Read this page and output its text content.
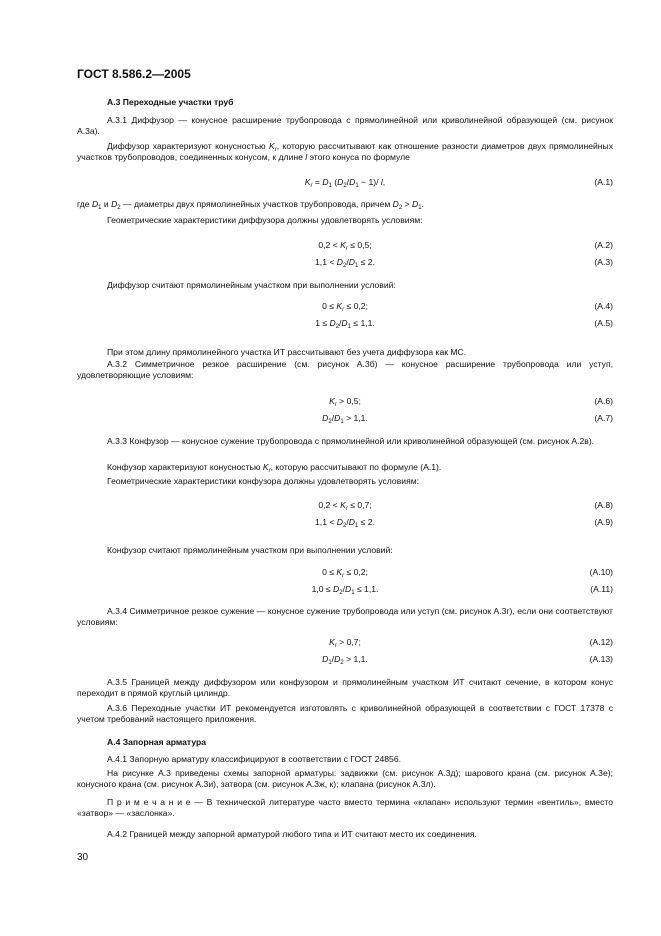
ГОСТ 8.586.2—2005
А.3 Переходные участки труб
А.3.1 Диффузор — конусное расширение трубопровода с прямолинейной или криволинейной образующей (см. рисунок А.3а).
Диффузор характеризуют конусностью $K_r$, которую рассчитывают как отношение разности диаметров двух прямолинейных участков трубопроводов, соединенных конусом, к длине l этого конуса по формуле
$K_r = D_1$ $(D_2/D_1 - 1)/$ l,	(А.1)
где $D_1$ и $D_2$ — диаметры двух прямолинейных участков трубопровода, причем $D_2 > D_1$.
Геометрические характеристики диффузора должны удовлетворять условиям:
$0,2 < K_r \le 0,5$;	(А.2)
$1,1 < D_2/D_1 \le 2$.	(А.3)
Диффузор считают прямолинейным участком при выполнении условий:
$0 \le K_r \le 0,2$;	(А.4)
$1 \le D_2/D_1 \le 1,1$.	(А.5)
При этом длину прямолинейного участка ИТ рассчитывают без учета диффузора как МС.
А.3.2 Симметричное резкое расширение (см. рисунок А.3б) — конусное расширение трубопровода или уступ, удовлетворяющие условиям:
$K_r > 0,5$;	(А.6)
$D_2/D_1 > 1,1$.	(А.7)
А.3.3 Конфузор — конусное сужение трубопровода с прямолинейной или криволинейной образующей (см. рисунок А.2в).
Конфузор характеризуют конусностью $K_r$, которую рассчитывают по формуле (А.1).
Геометрические характеристики конфузора должны удовлетворять условиям:
$0,2 < K_r \le 0,7$;	(А.8)
$1,1 < D_2/D_1 \le 2$.	(А.9)
Конфузор считают прямолинейным участком при выполнении условий:
$0 \le K_r \le 0,2$;	(А.10)
$1,0 \le D_2/D_1 \le 1,1$.	(А.11)
А.3.4 Симметричное резкое сужение — конусное сужение трубопровода или уступ (см. рисунок А.3г), если они соответствуют условиям:
$K_r > 0,7$;	(А.12)
$D_1/D_2 > 1,1$.	(А.13)
А.3.5 Границей между диффузором или конфузором и прямолинейным участком ИТ считают сечение, в котором конус переходит в прямой круглый цилиндр.
А.3.6 Переходные участки ИТ рекомендуется изготовлять с криволинейной образующей в соответствии с ГОСТ 17378 с учетом требований настоящего приложения.
А.4 Запорная арматура
А.4.1 Запорную арматуру классифицируют в соответствии с ГОСТ 24856.
На рисунке А.3 приведены схемы запорной арматуры: задвижки (см. рисунок А.3д); шарового крана (см. рисунок А.3е); конусного крана (см. рисунок А.3и), затвора (см. рисунок А.3ж, к); клапана (рисунок А.3л).
П р и м е ч а н и е — В технической литературе часто вместо термина «клапан» используют термин «вентиль», вместо «затвор» — «заслонка».
А.4.2 Границей между запорной арматурой любого типа и ИТ считают место их соединения.
30
